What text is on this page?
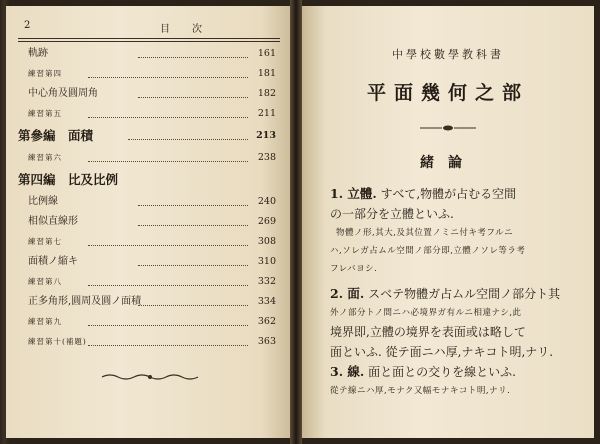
2	目　次
軌跡	161
練習第四	181
中心角及圓周角	182
練習第五	211
第參編　面積	213
練習第六	238
第四編　比及比例
比例線	240
相似直線形	269
練習第七	308
面積ノ縮キ	310
練習第八	332
正多角形,圓周及圓ノ面積	334
練習第九	362
練習第十(補題)	363
中學校數學教科書
平面幾何之部
緒論
1. 立體. すべて,物體が占むる空間
の一部分を立體といふ.
物體ノ形,其大,及其位置ノミニ付キ考フルニ
ハ,ソレガ占ムル空間ノ部分即,立體ノソレ等ラ考
フレバヨシ.
2. 面. スベテ物體ガ占ムル空間ノ部分ト其
外ノ部分トノ間ニハ必境界ガ有ルニ相違ナシ,此
境界即,立體の境界を表面或は略して
面といふ. 從テ面ニハ厚,ナキコト明,ナリ.
3. 線. 面と面との交りを線といふ.
從テ線ニハ厚,モナク又幅モナキコト明,ナリ.
